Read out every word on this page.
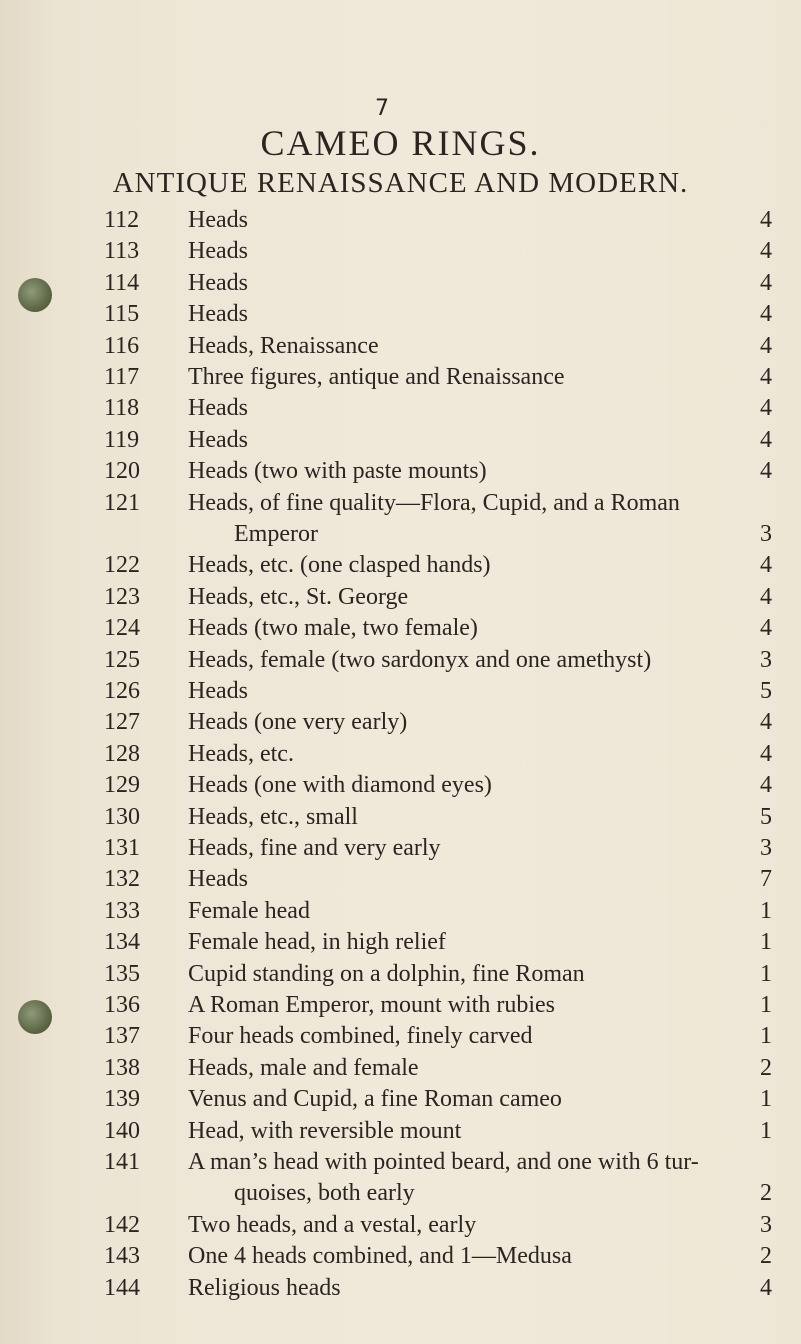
7
CAMEO RINGS.
ANTIQUE RENAISSANCE AND MODERN.
112	Heads	4
113	Heads	4
114	Heads	4
115	Heads	4
116	Heads, Renaissance	4
117	Three figures, antique and Renaissance	4
118	Heads	4
119	Heads	4
120	Heads (two with paste mounts)	4
121	Heads, of fine quality—Flora, Cupid, and a Roman
Emperor	3
122	Heads, etc. (one clasped hands)	4
123	Heads, etc., St. George	4
124	Heads (two male, two female)	4
125	Heads, female (two sardonyx and one amethyst)	3
126	Heads	5
127	Heads (one very early)	4
128	Heads, etc.	4
129	Heads (one with diamond eyes)	4
130	Heads, etc., small	5
131	Heads, fine and very early	3
132	Heads	7
133	Female head	1
134	Female head, in high relief	1
135	Cupid standing on a dolphin, fine Roman	1
136	A Roman Emperor, mount with rubies	1
137	Four heads combined, finely carved	1
138	Heads, male and female	2
139	Venus and Cupid, a fine Roman cameo	1
140	Head, with reversible mount	1
141	A man’s head with pointed beard, and one with 6 tur-
quoises, both early	2
142	Two heads, and a vestal, early	3
143	One 4 heads combined, and 1—Medusa	2
144	Religious heads	4
